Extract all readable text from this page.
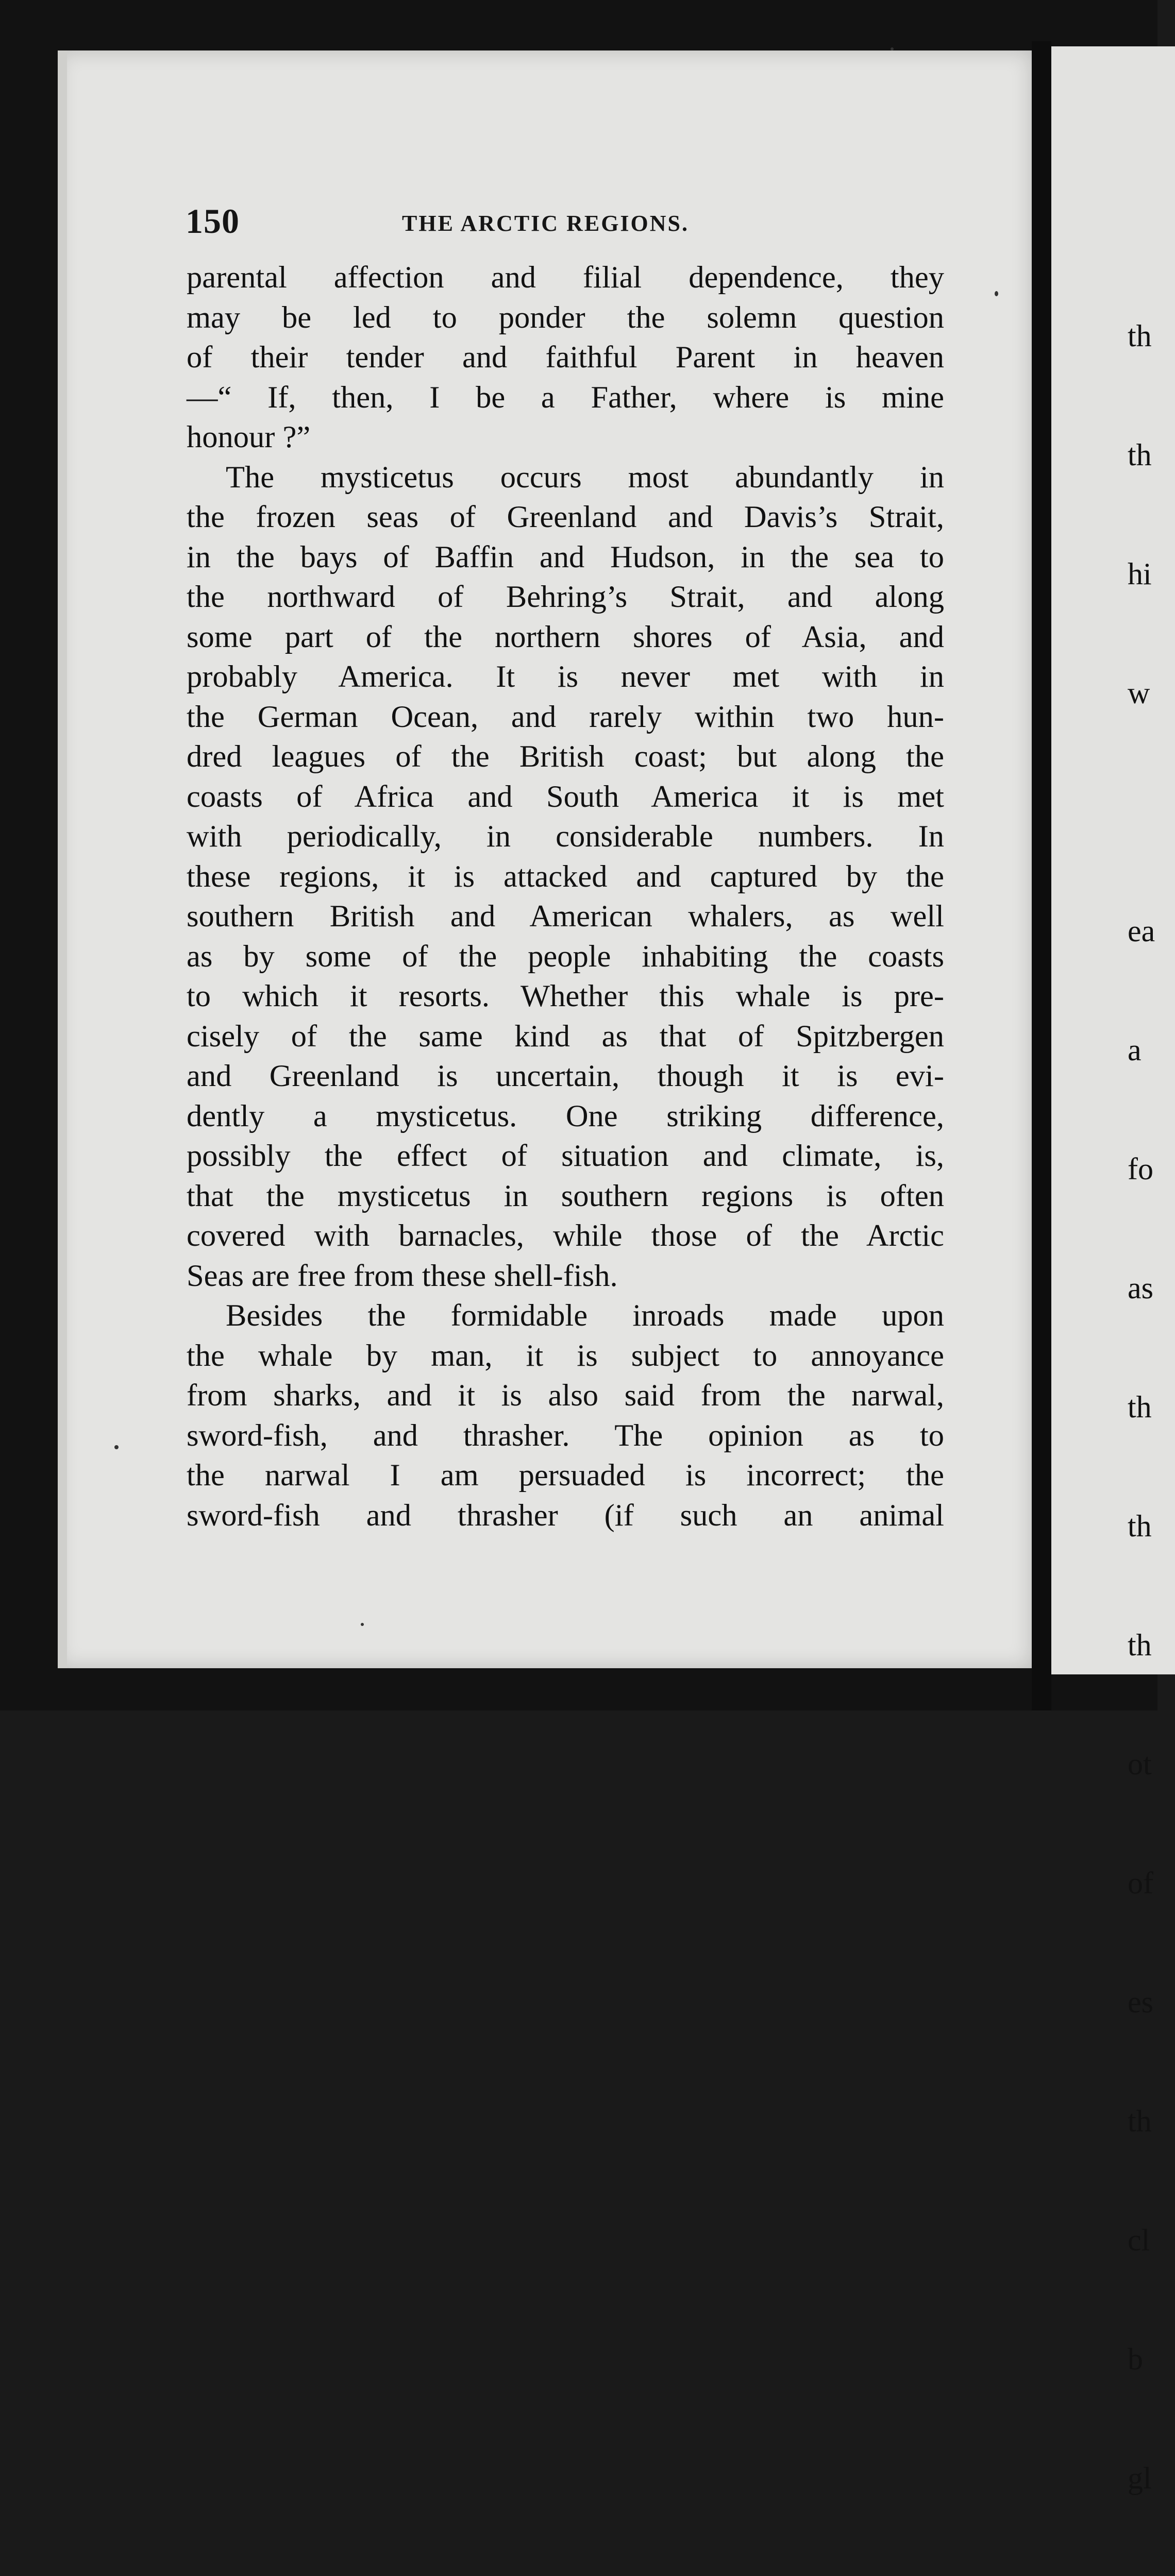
150	THE ARCTIC REGIONS.
parental affection and filial dependence, they
may be led to ponder the solemn question
of their tender and faithful Parent in heaven
—“ If, then, I be a Father, where is mine
honour ?”
The mysticetus occurs most abundantly in
the frozen seas of Greenland and Davis’s Strait,
in the bays of Baffin and Hudson, in the sea to
the northward of Behring’s Strait, and along
some part of the northern shores of Asia, and
probably America. It is never met with in
the German Ocean, and rarely within two hun-
dred leagues of the British coast; but along the
coasts of Africa and South America it is met
with periodically, in considerable numbers. In
these regions, it is attacked and captured by the
southern British and American whalers, as well
as by some of the people inhabiting the coasts
to which it resorts. Whether this whale is pre-
cisely of the same kind as that of Spitzbergen
and Greenland is uncertain, though it is evi-
dently a mysticetus. One striking difference,
possibly the effect of situation and climate, is,
that the mysticetus in southern regions is often
covered with barnacles, while those of the Arctic
Seas are free from these shell-fish.
Besides the formidable inroads made upon
the whale by man, it is subject to annoyance
from sharks, and it is also said from the narwal,
sword-fish, and thrasher. The opinion as to
the narwal I am persuaded is incorrect; the
sword-fish and thrasher (if such an animal

th

th

hi

w

ea

a

fo

as

th

th

th

ot

of

es

th

cl

b

gl
